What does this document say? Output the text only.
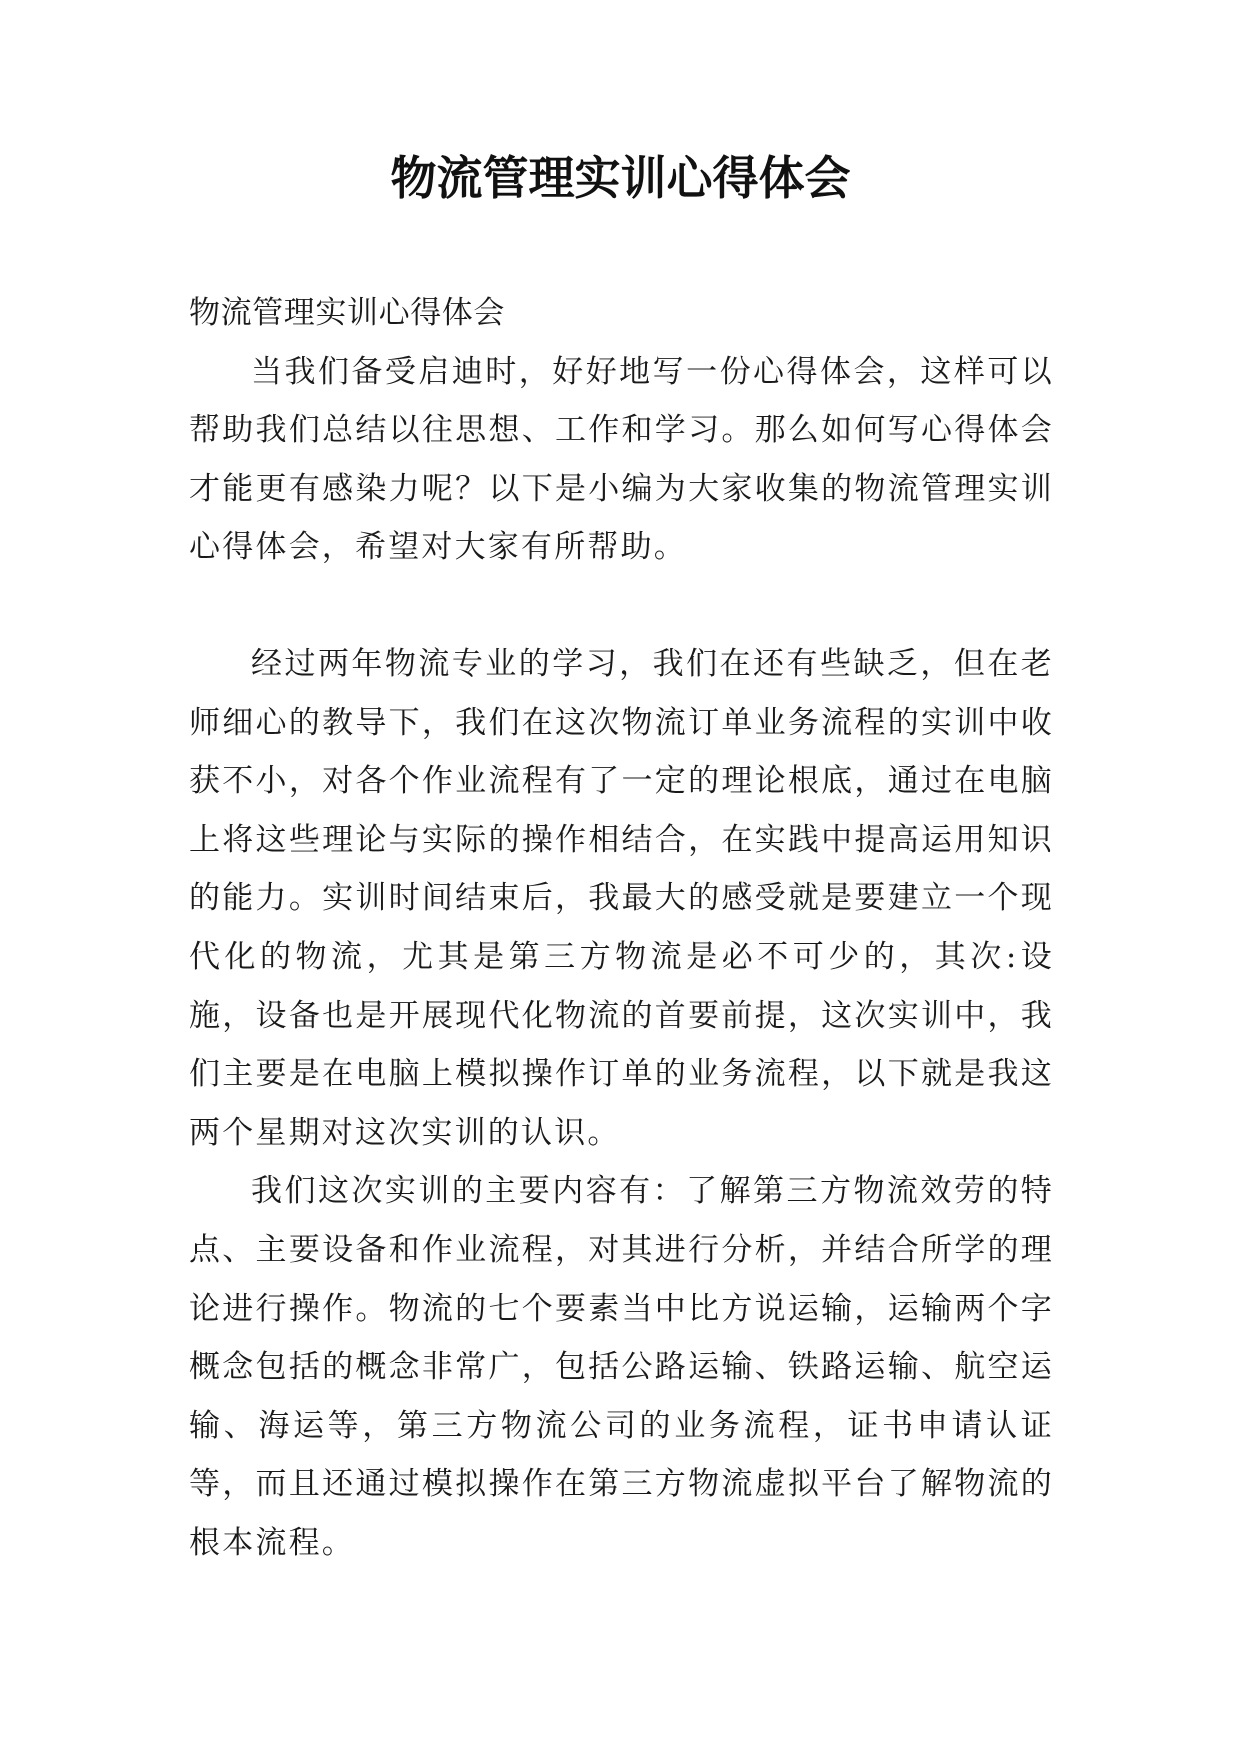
物流管理实训心得体会

物流管理实训心得体会

当我们备受启迪时，好好地写一份心得体会，这样可以帮助我们总结以往思想、工作和学习。那么如何写心得体会才能更有感染力呢？以下是小编为大家收集的物流管理实训心得体会，希望对大家有所帮助。

经过两年物流专业的学习，我们在还有些缺乏，但在老师细心的教导下，我们在这次物流订单业务流程的实训中收获不小，对各个作业流程有了一定的理论根底，通过在电脑上将这些理论与实际的操作相结合，在实践中提高运用知识的能力。实训时间结束后，我最大的感受就是要建立一个现代化的物流，尤其是第三方物流是必不可少的，其次:设施，设备也是开展现代化物流的首要前提，这次实训中，我们主要是在电脑上模拟操作订单的业务流程，以下就是我这两个星期对这次实训的认识。

我们这次实训的主要内容有：了解第三方物流效劳的特点、主要设备和作业流程，对其进行分析，并结合所学的理论进行操作。物流的七个要素当中比方说运输，运输两个字概念包括的概念非常广，包括公路运输、铁路运输、航空运输、海运等，第三方物流公司的业务流程，证书申请认证等，而且还通过模拟操作在第三方物流虚拟平台了解物流的根本流程。
